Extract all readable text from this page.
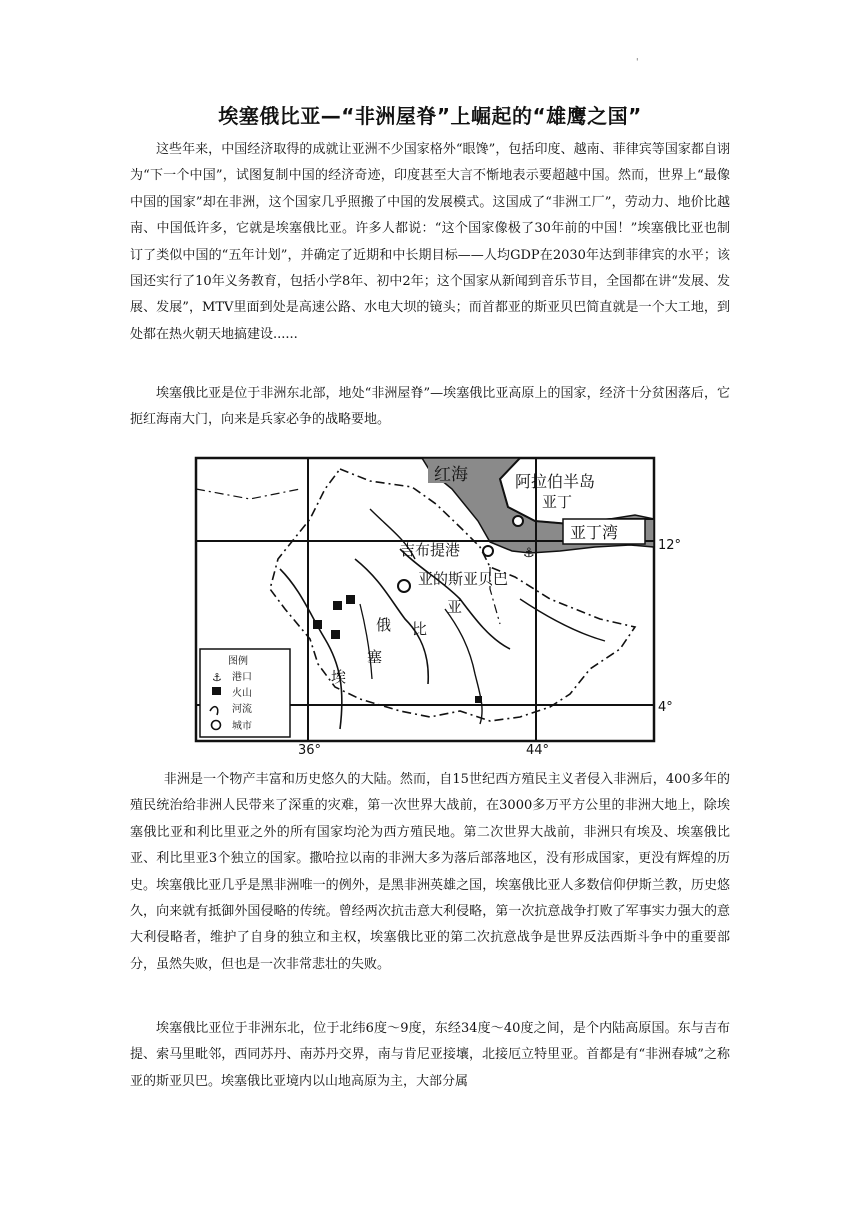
'
埃塞俄比亚—“非洲屋脊”上崛起的“雄鹰之国”

这些年来，中国经济取得的成就让亚洲不少国家格外“眼馋”，包括印度、越南、菲律宾等国家都自诩为“下一个中国”，试图复制中国的经济奇迹，印度甚至大言不惭地表示要超越中国。然而，世界上“最像中国的国家”却在非洲，这个国家几乎照搬了中国的发展模式。这国成了“非洲工厂”，劳动力、地价比越南、中国低许多，它就是埃塞俄比亚。许多人都说：“这个国家像极了30年前的中国！”埃塞俄比亚也制订了类似中国的“五年计划”，并确定了近期和中长期目标——人均GDP在2030年达到菲律宾的水平；该国还实行了10年义务教育，包括小学8年、初中2年；这个国家从新闻到音乐节目，全国都在讲“发展、发展、发展”，MTV里面到处是高速公路、水电大坝的镜头；而首都亚的斯亚贝巴简直就是一个大工地，到处都在热火朝天地搞建设......

埃塞俄比亚是位于非洲东北部，地处“非洲屋脊”—埃塞俄比亚高原上的国家，经济十分贫困落后，它扼红海南大门，向来是兵家必争的战略要地。

⚓
红海	阿拉伯半岛
亚丁
亚丁湾
吉布提港
亚的斯亚贝巴
俄 比
亚
塞
埃
12°
4°
36°	44°
图例
⚓ 港口
火山
河流
城市

非洲是一个物产丰富和历史悠久的大陆。然而，自15世纪西方殖民主义者侵入非洲后，400多年的殖民统治给非洲人民带来了深重的灾难，第一次世界大战前，在3000多万平方公里的非洲大地上，除埃塞俄比亚和利比里亚之外的所有国家均沦为西方殖民地。第二次世界大战前，非洲只有埃及、埃塞俄比亚、利比里亚3个独立的国家。撒哈拉以南的非洲大多为落后部落地区，没有形成国家，更没有辉煌的历史。埃塞俄比亚几乎是黑非洲唯一的例外，是黑非洲英雄之国，埃塞俄比亚人多数信仰伊斯兰教，历史悠久，向来就有抵御外国侵略的传统。曾经两次抗击意大利侵略，第一次抗意战争打败了军事实力强大的意大利侵略者，维护了自身的独立和主权，埃塞俄比亚的第二次抗意战争是世界反法西斯斗争中的重要部分，虽然失败，但也是一次非常悲壮的失败。

埃塞俄比亚位于非洲东北，位于北纬6度～9度，东经34度～40度之间，是个内陆高原国。东与吉布提、索马里毗邻，西同苏丹、南苏丹交界，南与肯尼亚接壤，北接厄立特里亚。首都是有“非洲春城”之称亚的斯亚贝巴。埃塞俄比亚境内以山地高原为主，大部分属
